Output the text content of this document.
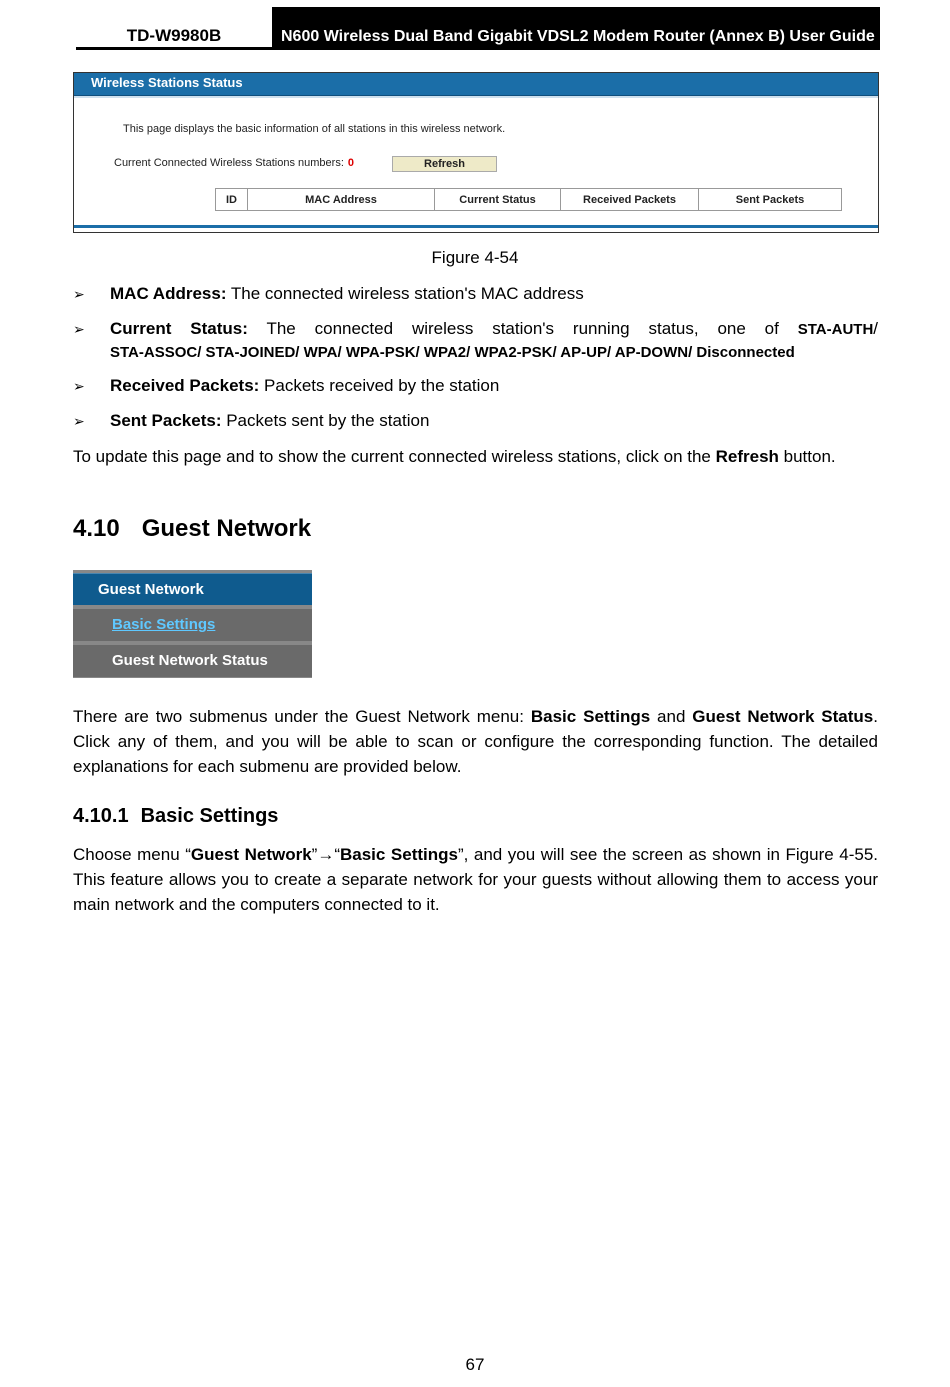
TD-W9980B	N600 Wireless Dual Band Gigabit VDSL2 Modem Router (Annex B) User Guide
Wireless Stations Status
This page displays the basic information of all stations in this wireless network.
Current Connected Wireless Stations numbers: 0	Refresh
ID	MAC Address	Current Status	Received Packets	Sent Packets
Figure 4-54
➢ MAC Address: The connected wireless station's MAC address
➢ Current Status: The connected wireless station's running status, one of STA-AUTH/
STA-ASSOC/ STA-JOINED/ WPA/ WPA-PSK/ WPA2/ WPA2-PSK/ AP-UP/ AP-DOWN/ Disconnected
➢ Received Packets: Packets received by the station
➢ Sent Packets: Packets sent by the station
To update this page and to show the current connected wireless stations, click on the Refresh button.
4.10 Guest Network
Guest Network
Basic Settings
Guest Network Status
There are two submenus under the Guest Network menu: Basic Settings and Guest Network Status. Click any of them, and you will be able to scan or configure the corresponding function. The detailed explanations for each submenu are provided below.
4.10.1 Basic Settings
Choose menu “Guest Network”→“Basic Settings”, and you will see the screen as shown in Figure 4-55. This feature allows you to create a separate network for your guests without allowing them to access your main network and the computers connected to it.
67
